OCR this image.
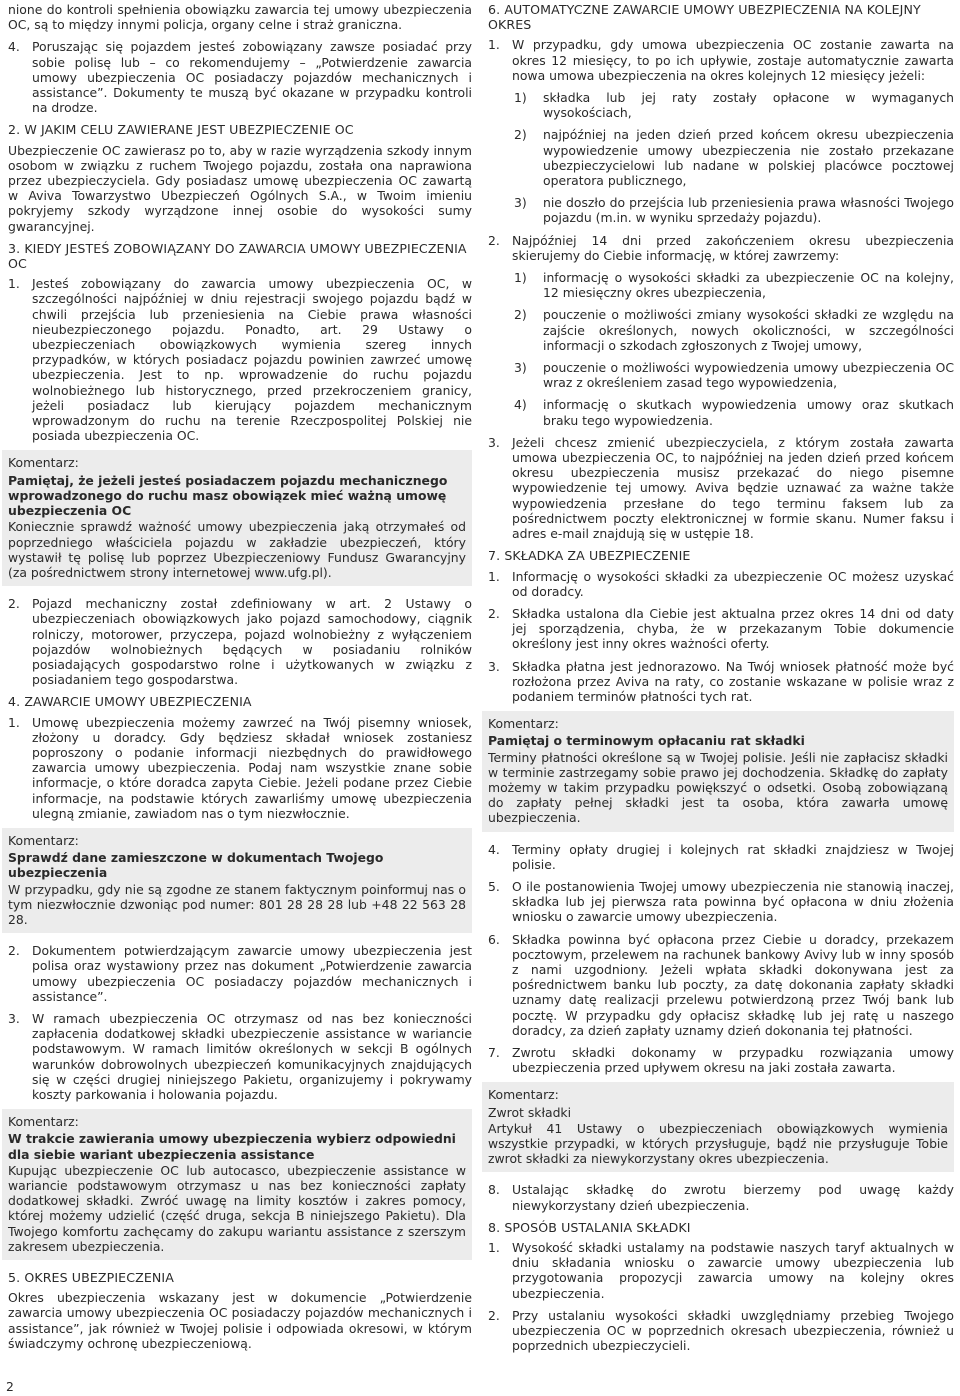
nione do kontroli spełnienia obowiązku zawarcia tej umowy ubezpieczenia OC, są to między innymi policja, organy celne i straż graniczna.

4. Poruszając się pojazdem jesteś zobowiązany zawsze posiadać przy sobie polisę lub – co rekomendujemy – „Potwierdzenie zawarcia umowy ubezpieczenia OC posiadaczy pojazdów mechanicznych i assistance”. Dokumenty te muszą być okazane w przypadku kontroli na drodze.
2. W JAKIM CELU ZAWIERANE JEST UBEZPIECZENIE OC

Ubezpieczenie OC zawierasz po to, aby w razie wyrządzenia szkody innym osobom w związku z ruchem Twojego pojazdu, została ona naprawiona przez ubezpieczyciela. Gdy posiadasz umowę ubezpieczenia OC zawartą w Aviva Towarzystwo Ubezpieczeń Ogólnych S.A., w Twoim imieniu pokryjemy szkody wyrządzone innej osobie do wysokości sumy gwarancyjnej.

3. KIEDY JESTEŚ ZOBOWIĄZANY DO ZAWARCIA UMOWY UBEZPIECZENIA OC
1. Jesteś zobowiązany do zawarcia umowy ubezpieczenia OC, w szczególności najpóźniej w dniu rejestracji swojego pojazdu bądź w chwili przejścia lub przeniesienia na Ciebie prawa własności nieubezpieczonego pojazdu. Ponadto, art. 29 Ustawy o ubezpieczeniach obowiązkowych wymienia szereg innych przypadków, w których posiadacz pojazdu powinien zawrzeć umowę ubezpieczenia. Jest to np. wprowadzenie do ruchu pojazdu wolnobieżnego lub historycznego, przed przekroczeniem granicy, jeżeli posiadacz lub kierujący pojazdem mechanicznym wprowadzonym do ruchu na terenie Rzeczpospolitej Polskiej nie posiada ubezpieczenia OC.
Komentarz:
Pamiętaj, że jeżeli jesteś posiadaczem pojazdu mechanicznego wprowadzonego do ruchu masz obowiązek mieć ważną umowę ubezpieczenia OC
Koniecznie sprawdź ważność umowy ubezpieczenia jaką otrzymałeś od poprzedniego właściciela pojazdu w zakładzie ubezpieczeń, który wystawił tę polisę lub poprzez Ubezpieczeniowy Fundusz Gwarancyjny (za pośrednictwem strony internetowej www.ufg.pl).
2. Pojazd mechaniczny został zdefiniowany w art. 2 Ustawy o ubezpieczeniach obowiązkowych jako pojazd samochodowy, ciągnik rolniczy, motorower, przyczepa, pojazd wolnobieżny z wyłączeniem pojazdów wolnobieżnych będących w posiadaniu rolników posiadających gospodarstwo rolne i użytkowanych w związku z posiadaniem tego gospodarstwa.
4. ZAWARCIE UMOWY UBEZPIECZENIA
1. Umowę ubezpieczenia możemy zawrzeć na Twój pisemny wniosek, złożony u doradcy. Gdy będziesz składał wniosek zostaniesz poproszony o podanie informacji niezbędnych do prawidłowego zawarcia umowy ubezpieczenia. Podaj nam wszystkie znane sobie informacje, o które doradca zapyta Ciebie. Jeżeli podane przez Ciebie informacje, na podstawie których zawarliśmy umowę ubezpieczenia ulegną zmianie, zawiadom nas o tym niezwłocznie.
Komentarz:
Sprawdź dane zamieszczone w dokumentach Twojego ubezpieczenia
W przypadku, gdy nie są zgodne ze stanem faktycznym poinformuj nas o tym niezwłocznie dzwoniąc pod numer: 801 28 28 28 lub +48 22 563 28 28.
2. Dokumentem potwierdzającym zawarcie umowy ubezpieczenia jest polisa oraz wystawiony przez nas dokument „Potwierdzenie zawarcia umowy ubezpieczenia OC posiadaczy pojazdów mechanicznych i assistance”.
3. W ramach ubezpieczenia OC otrzymasz od nas bez konieczności zapłacenia dodatkowej składki ubezpieczenie assistance w wariancie podstawowym. W ramach limitów określonych w sekcji B ogólnych warunków dobrowolnych ubezpieczeń komunikacyjnych znajdujących się w części drugiej niniejszego Pakietu, organizujemy i pokrywamy koszty parkowania i holowania pojazdu.
Komentarz:
W trakcie zawierania umowy ubezpieczenia wybierz odpowiedni dla siebie wariant ubezpieczenia assistance
Kupując ubezpieczenie OC lub autocasco, ubezpieczenie assistance w wariancie podstawowym otrzymasz u nas bez konieczności zapłaty dodatkowej składki. Zwróć uwagę na limity kosztów i zakres pomocy, której możemy udzielić (część druga, sekcja B niniejszego Pakietu). Dla Twojego komfortu zachęcamy do zakupu wariantu assistance z szerszym zakresem ubezpieczenia.
5. OKRES UBEZPIECZENIA

Okres ubezpieczenia wskazany jest w dokumencie „Potwierdzenie zawarcia umowy ubezpieczenia OC posiadaczy pojazdów mechanicznych i assistance”, jak również w Twojej polisie i odpowiada okresowi, w którym świadczymy ochronę ubezpieczeniową.

6. AUTOMATYCZNE ZAWARCIE UMOWY UBEZPIECZENIA NA KOLEJNY OKRES
1. W przypadku, gdy umowa ubezpieczenia OC zostanie zawarta na okres 12 miesięcy, to po ich upływie, zostaje automatycznie zawarta nowa umowa ubezpieczenia na okres kolejnych 12 miesięcy jeżeli:
1) składka lub jej raty zostały opłacone w wymaganych wysokościach,
2) najpóźniej na jeden dzień przed końcem okresu ubezpieczenia wypowiedzenie umowy ubezpieczenia nie zostało przekazane ubezpieczycielowi lub nadane w polskiej placówce pocztowej operatora publicznego,
3) nie doszło do przejścia lub przeniesienia prawa własności Twojego pojazdu (m.in. w wyniku sprzedaży pojazdu).
2. Najpóźniej 14 dni przed zakończeniem okresu ubezpieczenia skierujemy do Ciebie informację, w której zawrzemy:
1) informację o wysokości składki za ubezpieczenie OC na kolejny, 12 miesięczny okres ubezpieczenia,
2) pouczenie o możliwości zmiany wysokości składki ze względu na zajście określonych, nowych okoliczności, w szczególności informacji o szkodach zgłoszonych z Twojej umowy,
3) pouczenie o możliwości wypowiedzenia umowy ubezpieczenia OC wraz z określeniem zasad tego wypowiedzenia,
4) informację o skutkach wypowiedzenia umowy oraz skutkach braku tego wypowiedzenia.
3. Jeżeli chcesz zmienić ubezpieczyciela, z którym została zawarta umowa ubezpieczenia OC, to najpóźniej na jeden dzień przed końcem okresu ubezpieczenia musisz przekazać do niego pisemne wypowiedzenie tej umowy. Aviva będzie uznawać za ważne także wypowiedzenia przesłane do tego terminu faksem lub za pośrednictwem poczty elektronicznej w formie skanu. Numer faksu i adres e-mail znajdują się w ustępie 18.
7. SKŁADKA ZA UBEZPIECZENIE
1. Informację o wysokości składki za ubezpieczenie OC możesz uzyskać od doradcy.
2. Składka ustalona dla Ciebie jest aktualna przez okres 14 dni od daty jej sporządzenia, chyba, że w przekazanym Tobie dokumencie określony jest inny okres ważności oferty.
3. Składka płatna jest jednorazowo. Na Twój wniosek płatność może być rozłożona przez Aviva na raty, co zostanie wskazane w polisie wraz z podaniem terminów płatności tych rat.
Komentarz:
Pamiętaj o terminowym opłacaniu rat składki
Terminy płatności określone są w Twojej polisie. Jeśli nie zapłacisz składki w terminie zastrzegamy sobie prawo jej dochodzenia. Składkę do zapłaty możemy w takim przypadku powiększyć o odsetki. Osobą zobowiązaną do zapłaty pełnej składki jest ta osoba, która zawarła umowę ubezpieczenia.
4. Terminy opłaty drugiej i kolejnych rat składki znajdziesz w Twojej polisie.
5. O ile postanowienia Twojej umowy ubezpieczenia nie stanowią inaczej, składka lub jej pierwsza rata powinna być opłacona w dniu złożenia wniosku o zawarcie umowy ubezpieczenia.
6. Składka powinna być opłacona przez Ciebie u doradcy, przekazem pocztowym, przelewem na rachunek bankowy Avivy lub w inny sposób z nami uzgodniony. Jeżeli wpłata składki dokonywana jest za pośrednictwem banku lub poczty, za datę dokonania zapłaty składki uznamy datę realizacji przelewu potwierdzoną przez Twój bank lub pocztę. W przypadku gdy opłacisz składkę lub jej ratę u naszego doradcy, za dzień zapłaty uznamy dzień dokonania tej płatności.
7. Zwrotu składki dokonamy w przypadku rozwiązania umowy ubezpieczenia przed upływem okresu na jaki została zawarta.
Komentarz:
Zwrot składki
Artykuł 41 Ustawy o ubezpieczeniach obowiązkowych wymienia wszystkie przypadki, w których przysługuje, bądź nie przysługuje Tobie zwrot składki za niewykorzystany okres ubezpieczenia.
8. Ustalając składkę do zwrotu bierzemy pod uwagę każdy niewykorzystany dzień ubezpieczenia.
8. SPOSÓB USTALANIA SKŁADKI
1. Wysokość składki ustalamy na podstawie naszych taryf aktualnych w dniu składania wniosku o zawarcie umowy ubezpieczenia lub przygotowania propozycji zawarcia umowy na kolejny okres ubezpieczenia.
2. Przy ustalaniu wysokości składki uwzględniamy przebieg Twojego ubezpieczenia OC w poprzednich okresach ubezpieczenia, również u poprzednich ubezpieczycieli.
2
